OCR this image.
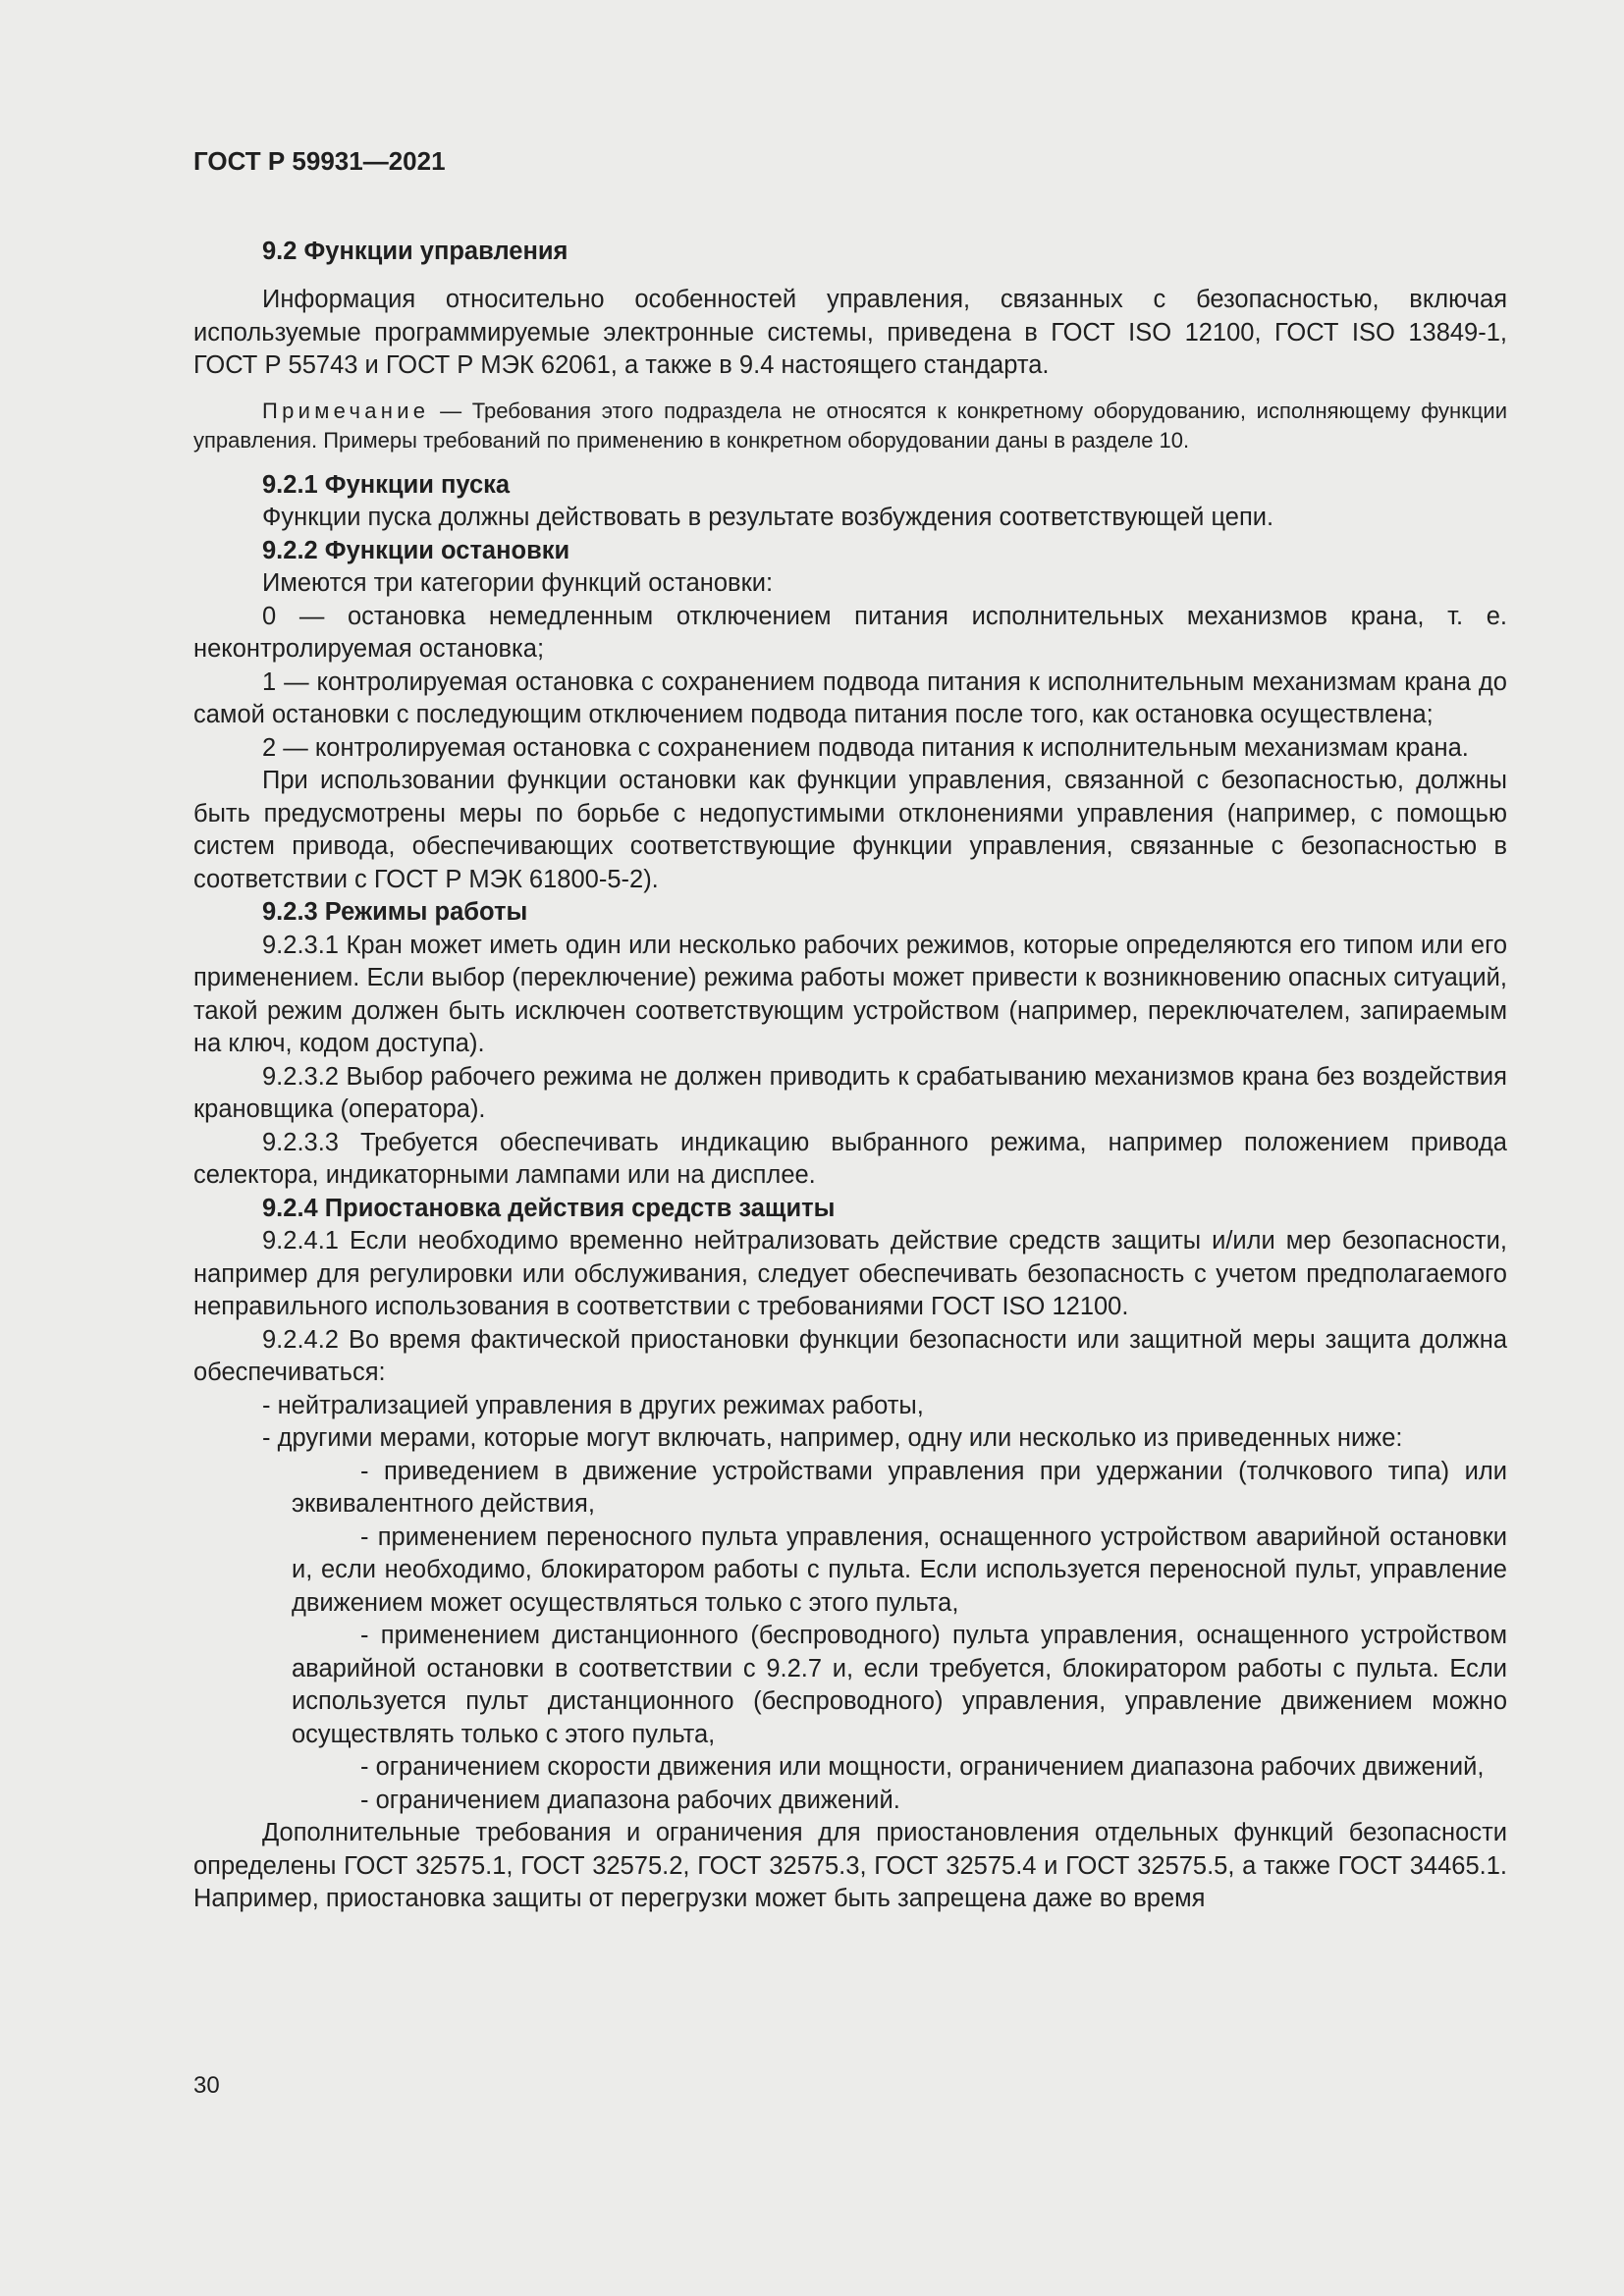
ГОСТ Р 59931—2021

9.2 Функции управления

Информация относительно особенностей управления, связанных с безопасностью, включая используемые программируемые электронные системы, приведена в ГОСТ ISO 12100, ГОСТ ISO 13849-1, ГОСТ Р 55743 и ГОСТ Р МЭК 62061, а также в 9.4 настоящего стандарта.

Примечание — Требования этого подраздела не относятся к конкретному оборудованию, исполняющему функции управления. Примеры требований по применению в конкретном оборудовании даны в разделе 10.

9.2.1 Функции пуска

Функции пуска должны действовать в результате возбуждения соответствующей цепи.

9.2.2 Функции остановки

Имеются три категории функций остановки:

0 — остановка немедленным отключением питания исполнительных механизмов крана, т. е. неконтролируемая остановка;

1 — контролируемая остановка с сохранением подвода питания к исполнительным механизмам крана до самой остановки с последующим отключением подвода питания после того, как остановка осуществлена;

2 — контролируемая остановка с сохранением подвода питания к исполнительным механизмам крана.

При использовании функции остановки как функции управления, связанной с безопасностью, должны быть предусмотрены меры по борьбе с недопустимыми отклонениями управления (например, с помощью систем привода, обеспечивающих соответствующие функции управления, связанные с безопасностью в соответствии с ГОСТ Р МЭК 61800-5-2).

9.2.3 Режимы работы

9.2.3.1 Кран может иметь один или несколько рабочих режимов, которые определяются его типом или его применением. Если выбор (переключение) режима работы может привести к возникновению опасных ситуаций, такой режим должен быть исключен соответствующим устройством (например, переключателем, запираемым на ключ, кодом доступа).

9.2.3.2 Выбор рабочего режима не должен приводить к срабатыванию механизмов крана без воздействия крановщика (оператора).

9.2.3.3 Требуется обеспечивать индикацию выбранного режима, например положением привода селектора, индикаторными лампами или на дисплее.

9.2.4 Приостановка действия средств защиты

9.2.4.1 Если необходимо временно нейтрализовать действие средств защиты и/или мер безопасности, например для регулировки или обслуживания, следует обеспечивать безопасность с учетом предполагаемого неправильного использования в соответствии с требованиями ГОСТ ISO 12100.

9.2.4.2 Во время фактической приостановки функции безопасности или защитной меры защита должна обеспечиваться:

- нейтрализацией управления в других режимах работы,

- другими мерами, которые могут включать, например, одну или несколько из приведенных ниже:

- приведением в движение устройствами управления при удержании (толчкового типа) или эквивалентного действия,

- применением переносного пульта управления, оснащенного устройством аварийной остановки и, если необходимо, блокиратором работы с пульта. Если используется переносной пульт, управление движением может осуществляться только с этого пульта,

- применением дистанционного (беспроводного) пульта управления, оснащенного устройством аварийной остановки в соответствии с 9.2.7 и, если требуется, блокиратором работы с пульта. Если используется пульт дистанционного (беспроводного) управления, управление движением можно осуществлять только с этого пульта,

- ограничением скорости движения или мощности, ограничением диапазона рабочих движений,

- ограничением диапазона рабочих движений.

Дополнительные требования и ограничения для приостановления отдельных функций безопасности определены ГОСТ 32575.1, ГОСТ 32575.2, ГОСТ 32575.3, ГОСТ 32575.4 и ГОСТ 32575.5, а также ГОСТ 34465.1. Например, приостановка защиты от перегрузки может быть запрещена даже во время

30
